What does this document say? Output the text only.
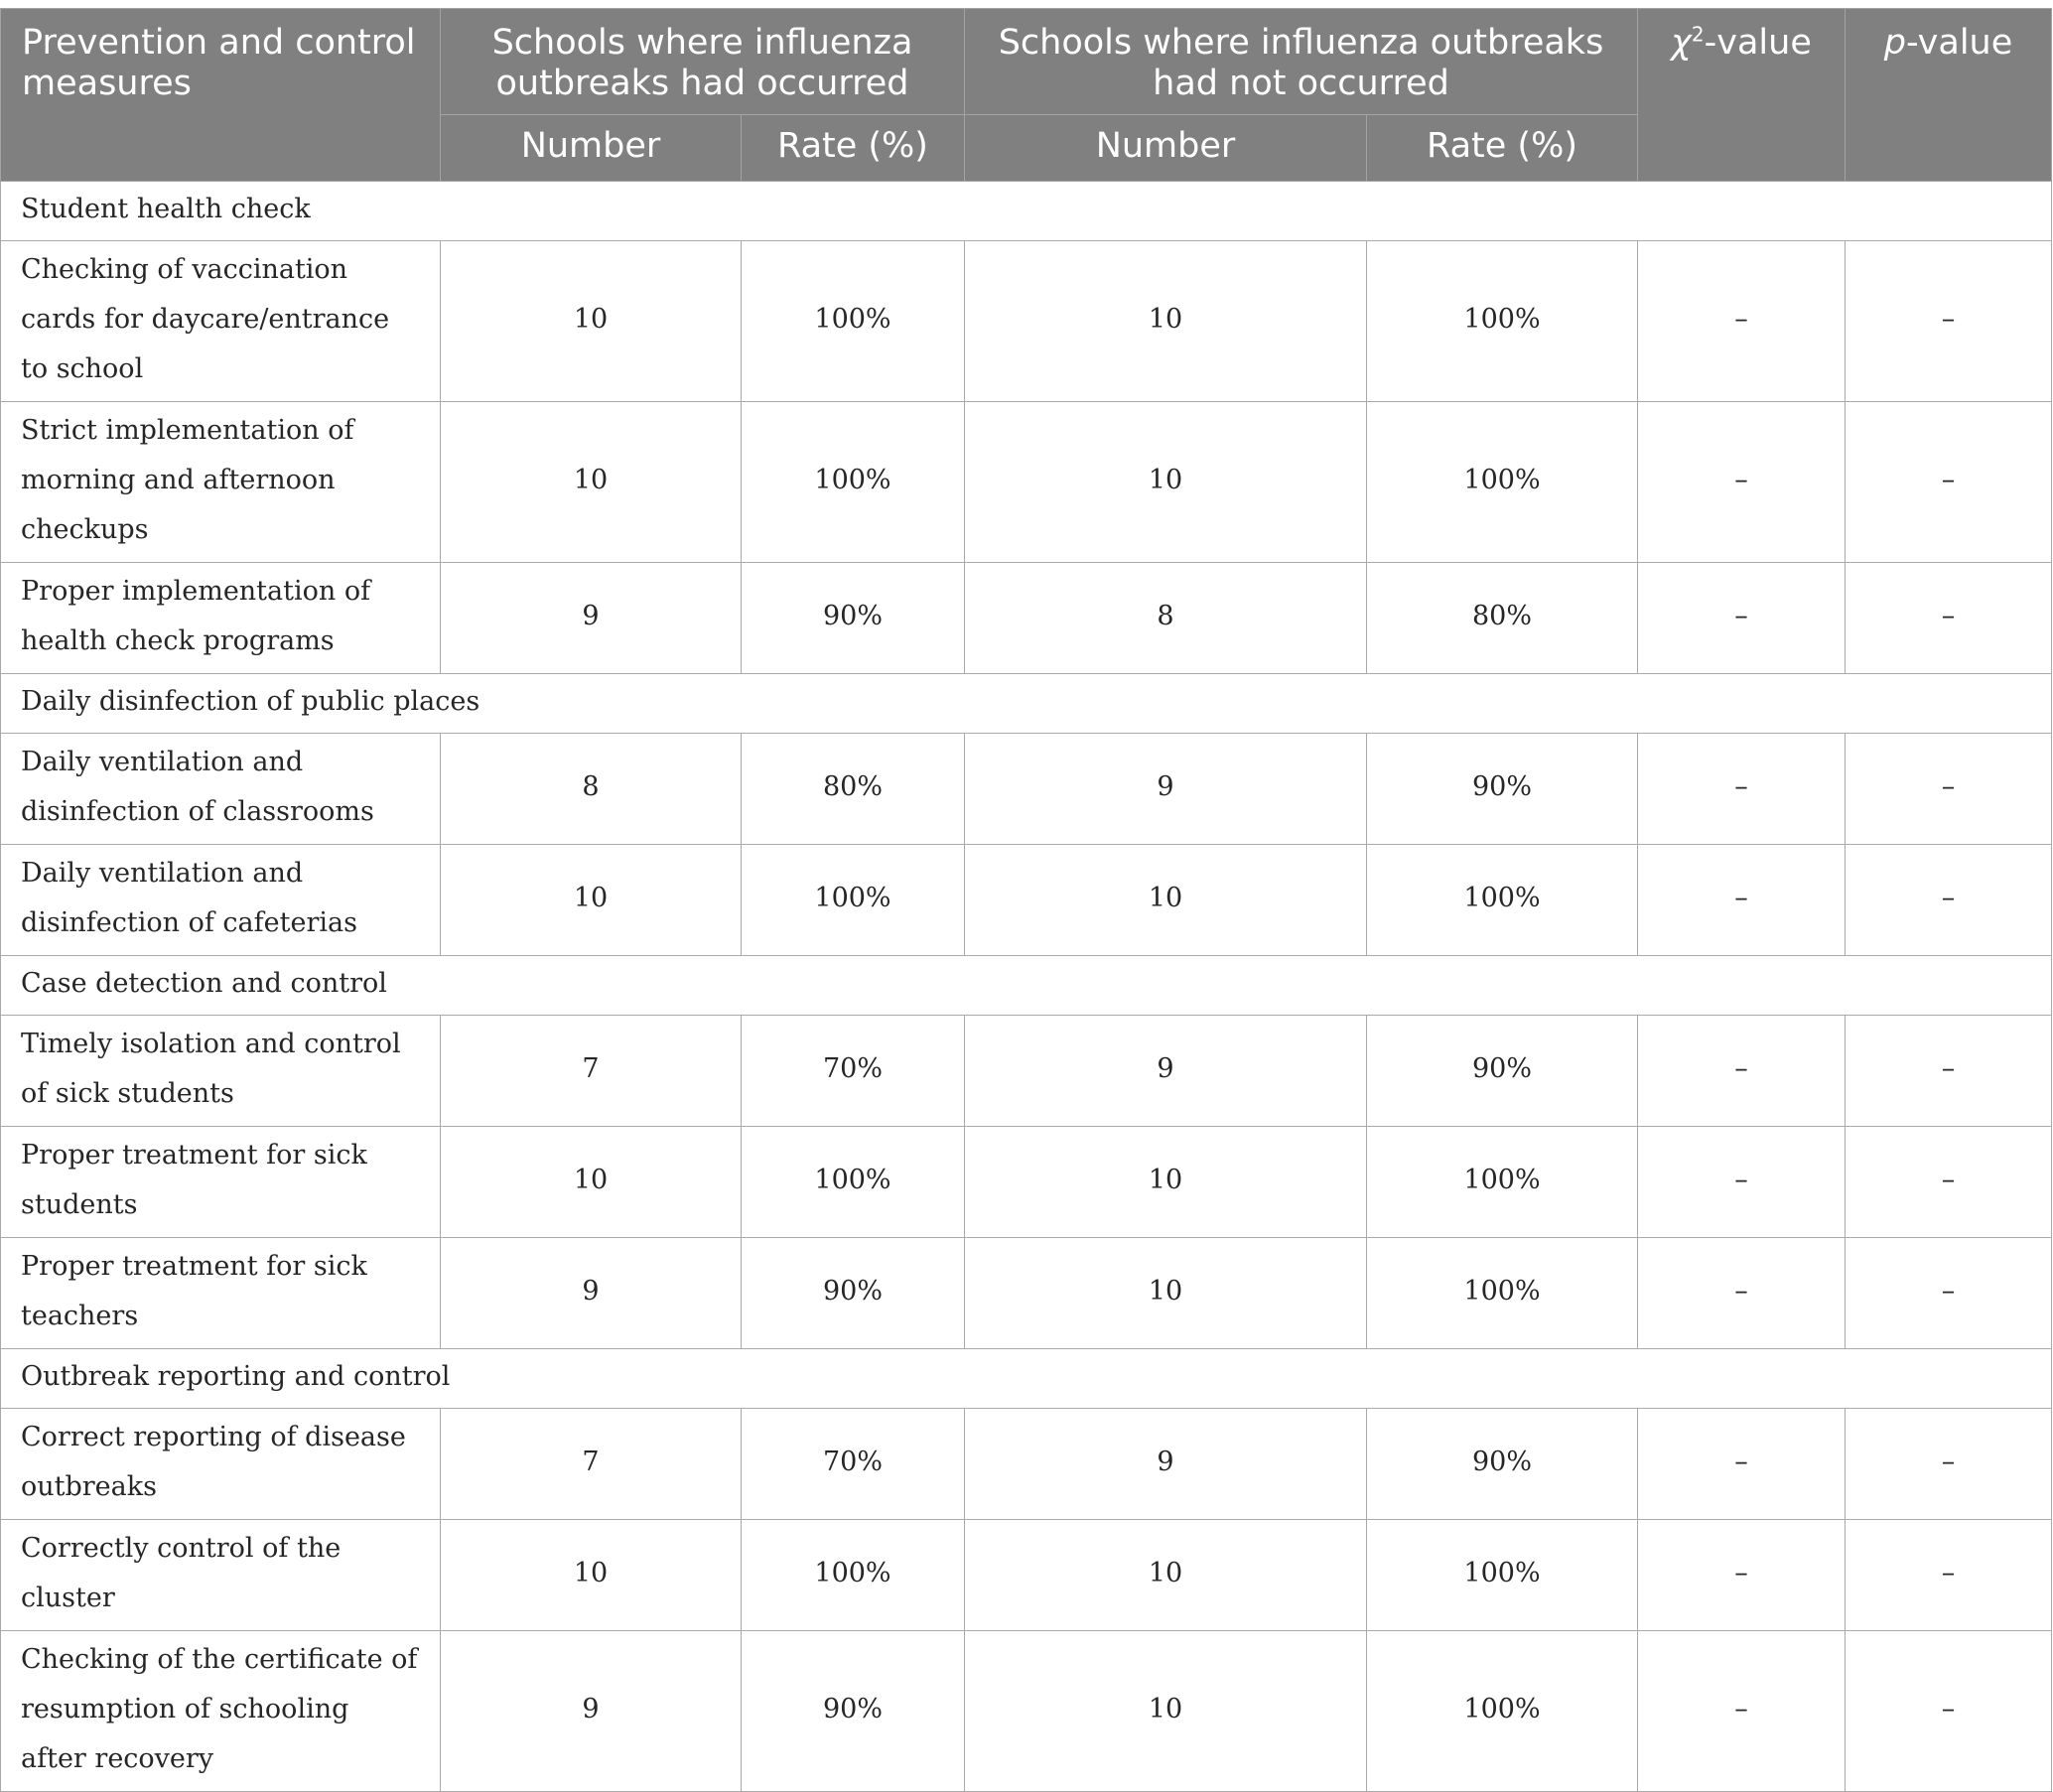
Prevention and control measures	Schools where influenza outbreaks had occurred		Schools where influenza outbreaks had not occurred		$\chi^2$-value	p-value
	Number	Rate (%)	Number	Rate (%)		
Student health check						
Checking of vaccination cards for daycare/entrance to school	10	100%	10	100%	–	–
Strict implementation of morning and afternoon checkups	10	100%	10	100%	–	–
Proper implementation of health check programs	9	90%	8	80%	–	–
Daily disinfection of public places						
Daily ventilation and disinfection of classrooms	8	80%	9	90%	–	–
Daily ventilation and disinfection of cafeterias	10	100%	10	100%	–	–
Case detection and control						
Timely isolation and control of sick students	7	70%	9	90%	–	–
Proper treatment for sick students	10	100%	10	100%	–	–
Proper treatment for sick teachers	9	90%	10	100%	–	–
Outbreak reporting and control						
Correct reporting of disease outbreaks	7	70%	9	90%	–	–
Correctly control of the cluster	10	100%	10	100%	–	–
Checking of the certificate of resumption of schooling after recovery	9	90%	10	100%	–	–
